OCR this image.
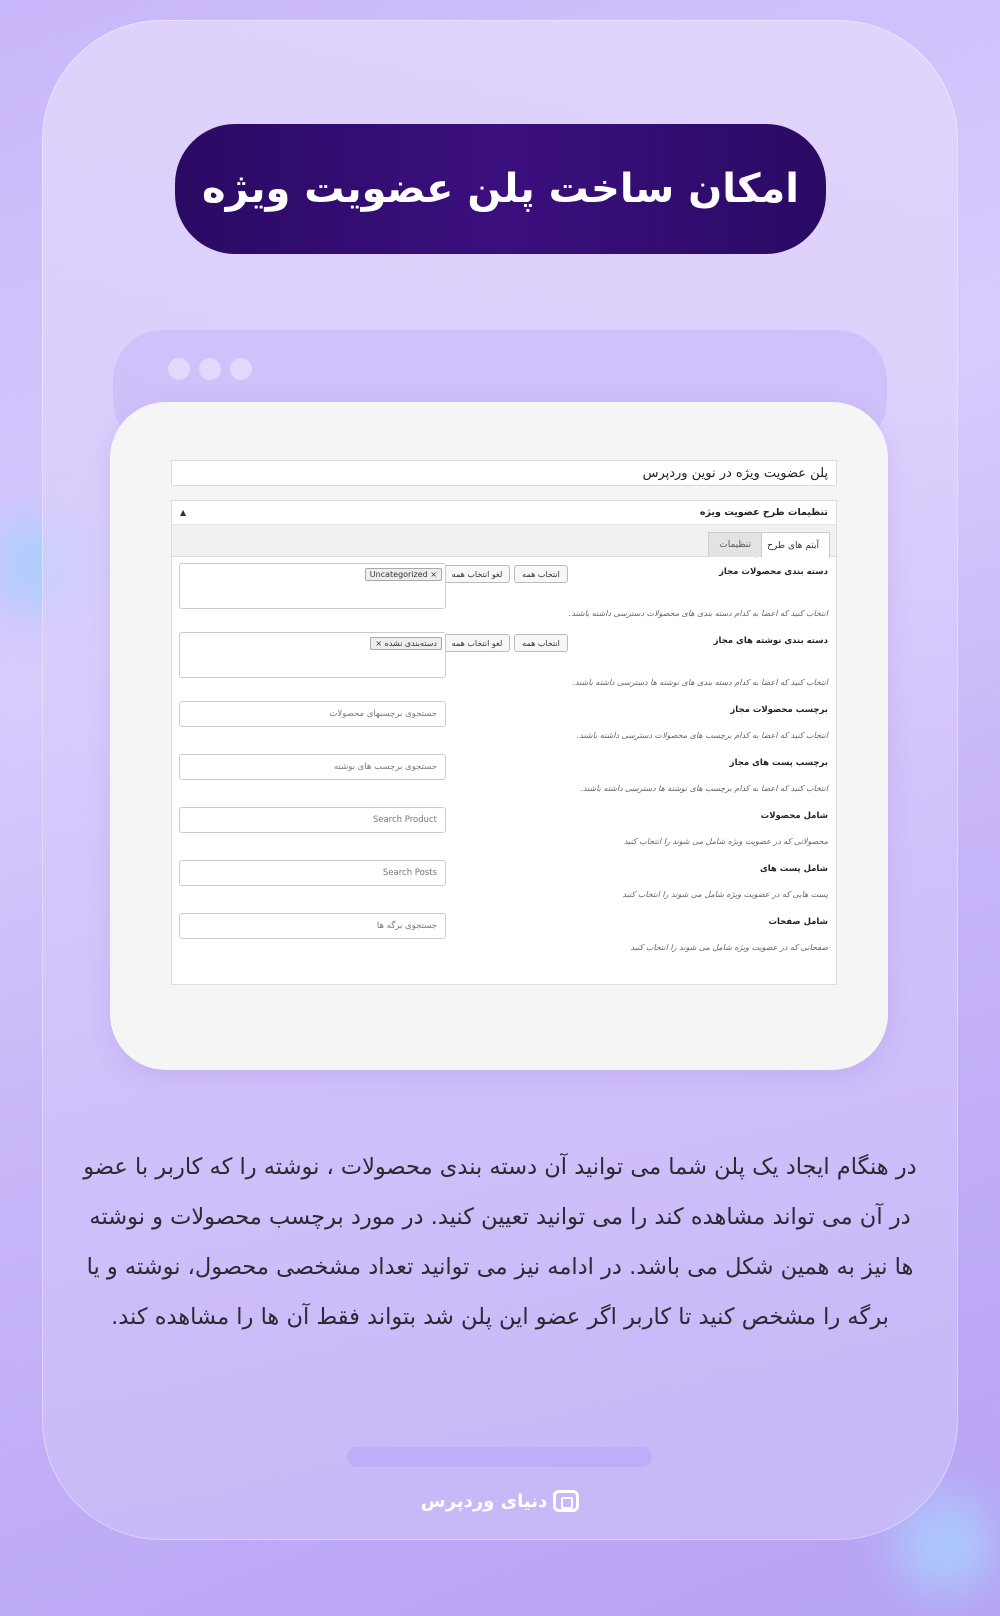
امکان ساخت پلن عضویت ویژه
پلن عضویت ویژه در نوین وردپرس
تنظیمات طرح عضویت ویژه
▲
آیتم های طرح
تنظیمات
دسته بندی محصولات مجاز
انتخاب همه
لغو انتخاب همه
Uncategorized ×
انتخاب کنید که اعضا به کدام دسته بندی های محصولات دسترسی داشته باشند.
دسته بندی نوشته های مجاز
انتخاب همه
لغو انتخاب همه
× دسته‌بندی نشده
انتخاب کنید که اعضا به کدام دسته بندی های نوشته ها دسترسی داشته باشند.
برچسب محصولات مجاز
جستجوی برچسبهای محصولات
انتخاب کنید که اعضا به کدام برچسب های محصولات دسترسی داشته باشند.
برچسب پست های مجاز
جستجوی برچسب های نوشته
انتخاب کنید که اعضا به کدام برچسب های نوشته ها دسترسی داشته باشند.
شامل محصولات
Search Product
محصولاتی که در عضویت ویژه شامل می شوند را انتخاب کنید
شامل پست های
Search Posts
پست هایی که در عضویت ویژه شامل می شوند را انتخاب کنید
شامل صفحات
جستجوی برگه ها
صفحاتی که در عضویت ویژه شامل می شوند را انتخاب کنید

در هنگام ایجاد یک پلن شما می توانید آن دسته بندی محصولات ، نوشته را که کاربر با عضو در آن می تواند مشاهده کند را می توانید تعیین کنید. در مورد برچسب محصولات و نوشته ها نیز به همین شکل می باشد. در ادامه نیز می توانید تعداد مشخصی محصول، نوشته و یا برگه را مشخص کنید تا کاربر اگر عضو این پلن شد بتواند فقط آن ها را مشاهده کند.

دنیای وردپرس
